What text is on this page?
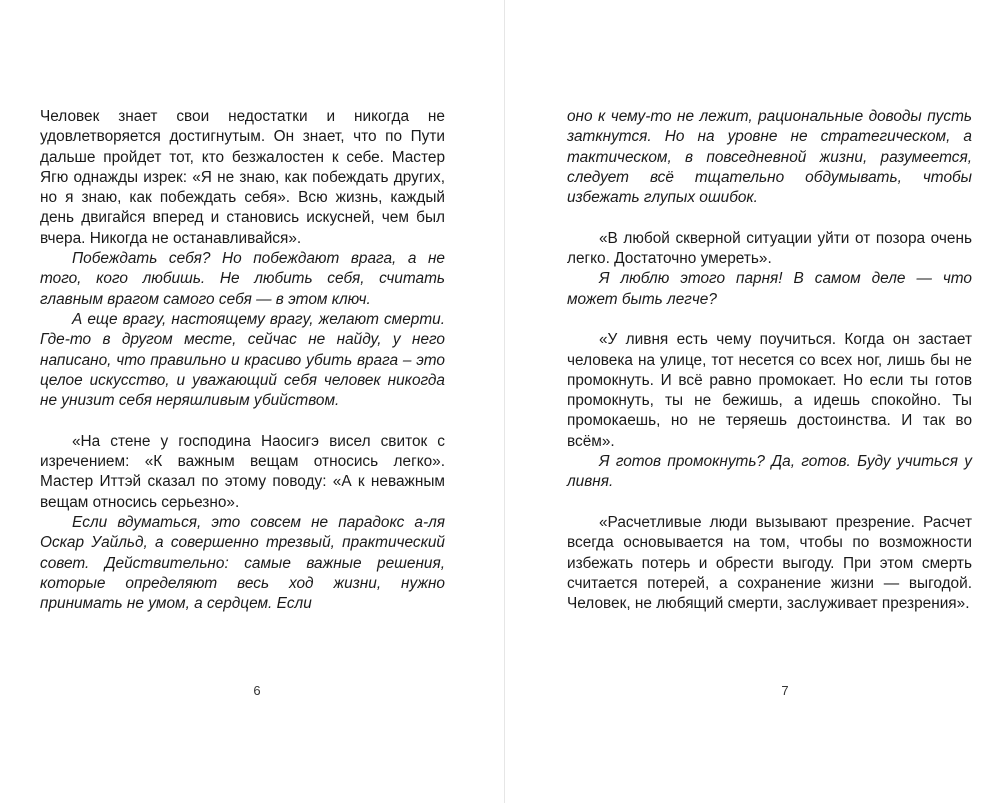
Человек знает свои недостатки и никогда не удовлетворяется достигнутым. Он знает, что по Пути дальше пройдет тот, кто безжалостен к себе. Мастер Ягю однажды изрек: «Я не знаю, как побеждать других, но я знаю, как побеждать себя». Всю жизнь, каждый день двигайся вперед и становись искусней, чем был вчера. Никогда не останавливайся».

Побеждать себя? Но побеждают врага, а не того, кого любишь. Не любить себя, считать главным врагом самого себя — в этом ключ.

А еще врагу, настоящему врагу, желают смерти. Где-то в другом месте, сейчас не найду, у него написано, что правильно и красиво убить врага – это целое искусство, и уважающий себя человек никогда не унизит себя неряшливым убийством.

«На стене у господина Наосигэ висел свиток с изречением: «К важным вещам относись легко». Мастер Иттэй сказал по этому поводу: «А к неважным вещам относись серьезно».

Если вдуматься, это совсем не парадокс а-ля Оскар Уайльд, а совершенно трезвый, практический совет. Действительно: самые важные решения, которые определяют весь ход жизни, нужно принимать не умом, а сердцем. Если

6

оно к чему-то не лежит, рациональные доводы пусть заткнутся. Но на уровне не стратегическом, а тактическом, в повседневной жизни, разумеется, следует всё тщательно обдумывать, чтобы избежать глупых ошибок.

«В любой скверной ситуации уйти от позора очень легко. Достаточно умереть».

Я люблю этого парня! В самом деле — что может быть легче?

«У ливня есть чему поучиться. Когда он застает человека на улице, тот несется со всех ног, лишь бы не промокнуть. И всё равно промокает. Но если ты готов промокнуть, ты не бежишь, а идешь спокойно. Ты промокаешь, но не теряешь достоинства. И так во всём».

Я готов промокнуть? Да, готов. Буду учиться у ливня.

«Расчетливые люди вызывают презрение. Расчет всегда основывается на том, чтобы по возможности избежать потерь и обрести выгоду. При этом смерть считается потерей, а сохранение жизни — выгодой. Человек, не любящий смерти, заслуживает презрения».

7
